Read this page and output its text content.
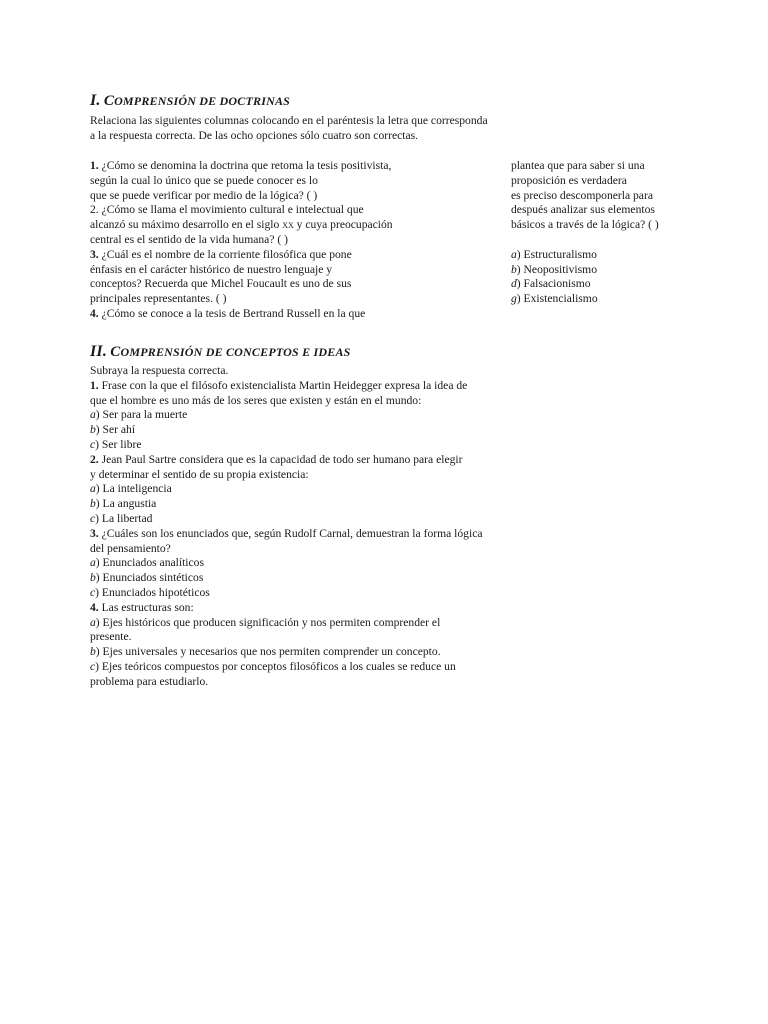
I. COMPRENSIÓN DE DOCTRINAS
Relaciona las siguientes columnas colocando en el paréntesis la letra que corresponda
a la respuesta correcta. De las ocho opciones sólo cuatro son correctas.
1. ¿Cómo se denomina la doctrina que retoma la tesis positivista,
según la cual lo único que se puede conocer es lo
que se puede verificar por medio de la lógica? ( )
2. ¿Cómo se llama el movimiento cultural e intelectual que
alcanzó su máximo desarrollo en el siglo xx y cuya preocupación
central es el sentido de la vida humana? ( )
3. ¿Cuál es el nombre de la corriente filosófica que pone
énfasis en el carácter histórico de nuestro lenguaje y
conceptos? Recuerda que Michel Foucault es uno de sus
principales representantes. ( )
4. ¿Cómo se conoce a la tesis de Bertrand Russell en la que
plantea que para saber si una
proposición es verdadera
es preciso descomponerla para
después analizar sus elementos
básicos a través de la lógica? ( )
a) Estructuralismo
b) Neopositivismo
d) Falsacionismo
g) Existencialismo
II. COMPRENSIÓN DE CONCEPTOS E IDEAS
Subraya la respuesta correcta.
1. Frase con la que el filósofo existencialista Martin Heidegger expresa la idea de
que el hombre es uno más de los seres que existen y están en el mundo:
a) Ser para la muerte
b) Ser ahí
c) Ser libre
2. Jean Paul Sartre considera que es la capacidad de todo ser humano para elegir
y determinar el sentido de su propia existencia:
a) La inteligencia
b) La angustia
c) La libertad
3. ¿Cuáles son los enunciados que, según Rudolf Carnal, demuestran la forma lógica
del pensamiento?
a) Enunciados analíticos
b) Enunciados sintéticos
c) Enunciados hipotéticos
4. Las estructuras son:
a) Ejes históricos que producen significación y nos permiten comprender el
presente.
b) Ejes universales y necesarios que nos permiten comprender un concepto.
c) Ejes teóricos compuestos por conceptos filosóficos a los cuales se reduce un
problema para estudiarlo.
